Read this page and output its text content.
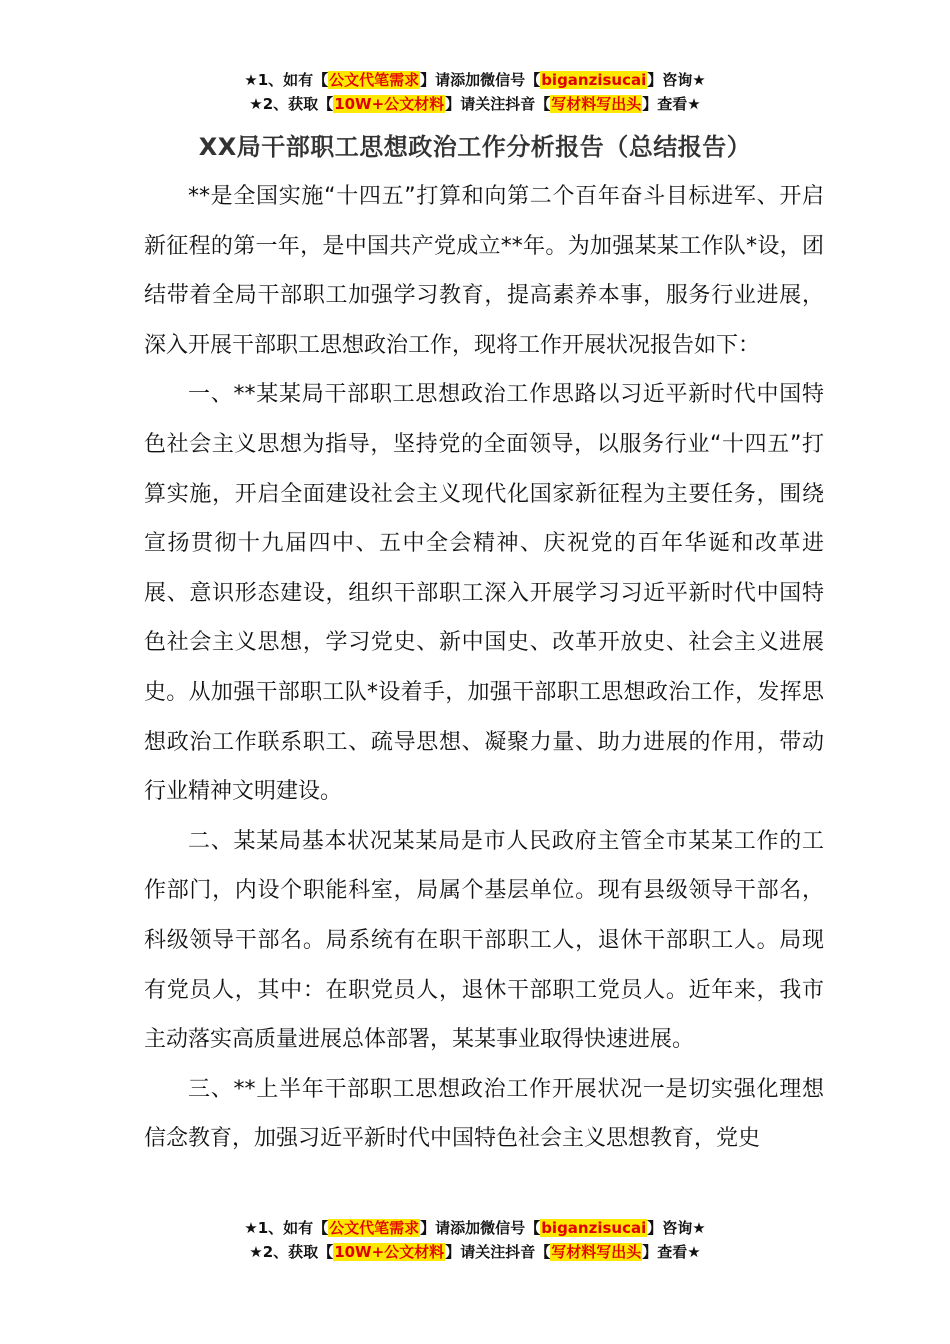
★1、如有【公文代笔需求】请添加微信号【biganzisucai】咨询★
★2、获取【10W+公文材料】请关注抖音【写材料写出头】查看★
XX局干部职工思想政治工作分析报告（总结报告）

**是全国实施“十四五”打算和向第二个百年奋斗目标进军、开启新征程的第一年，是中国共产党成立**年。为加强某某工作队*设，团结带着全局干部职工加强学习教育，提高素养本事，服务行业进展，深入开展干部职工思想政治工作，现将工作开展状况报告如下：

一、**某某局干部职工思想政治工作思路以习近平新时代中国特色社会主义思想为指导，坚持党的全面领导，以服务行业“十四五”打算实施，开启全面建设社会主义现代化国家新征程为主要任务，围绕宣扬贯彻十九届四中、五中全会精神、庆祝党的百年华诞和改革进展、意识形态建设，组织干部职工深入开展学习习近平新时代中国特色社会主义思想，学习党史、新中国史、改革开放史、社会主义进展史。从加强干部职工队*设着手，加强干部职工思想政治工作，发挥思想政治工作联系职工、疏导思想、凝聚力量、助力进展的作用，带动行业精神文明建设。

二、某某局基本状况某某局是市人民政府主管全市某某工作的工作部门，内设个职能科室，局属个基层单位。现有县级领导干部名，科级领导干部名。局系统有在职干部职工人，退休干部职工人。局现有党员人，其中：在职党员人，退休干部职工党员人。近年来，我市主动落实高质量进展总体部署，某某事业取得快速进展。

三、**上半年干部职工思想政治工作开展状况一是切实强化理想信念教育，加强习近平新时代中国特色社会主义思想教育，党史

★1、如有【公文代笔需求】请添加微信号【biganzisucai】咨询★
★2、获取【10W+公文材料】请关注抖音【写材料写出头】查看★
